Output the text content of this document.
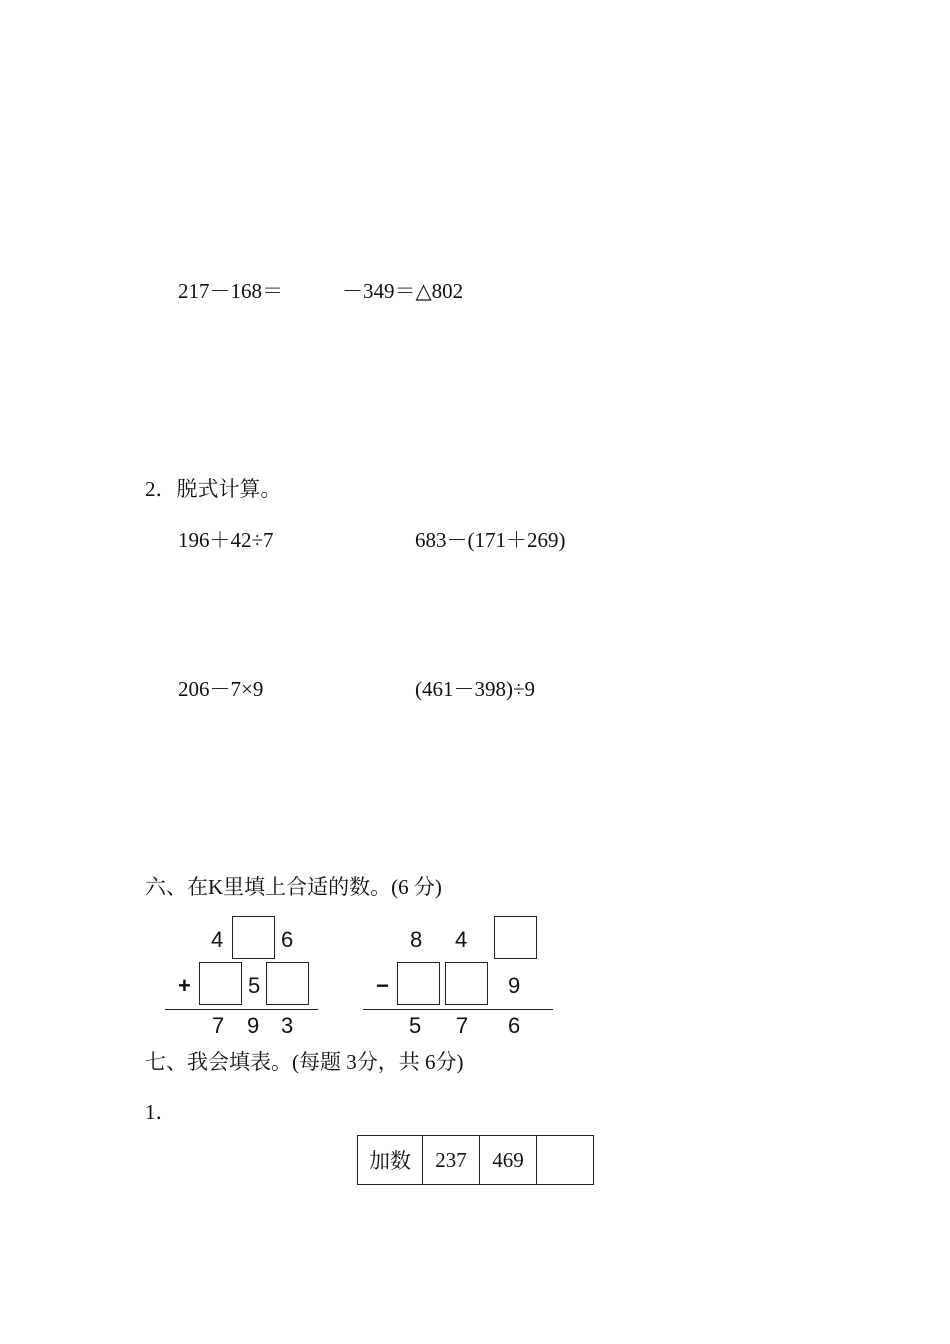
217－168＝	－349＝△802
2．脱式计算。
196＋42÷7	683－(171＋269)
206－7×9	(461－398)÷9
六、在K里填上合适的数。(6 分)
4	6
+	5
7 9 3
8 4
−	9
5 7 6
七、我会填表。(每题 3分，共 6分)
1．
加数	237	469	
